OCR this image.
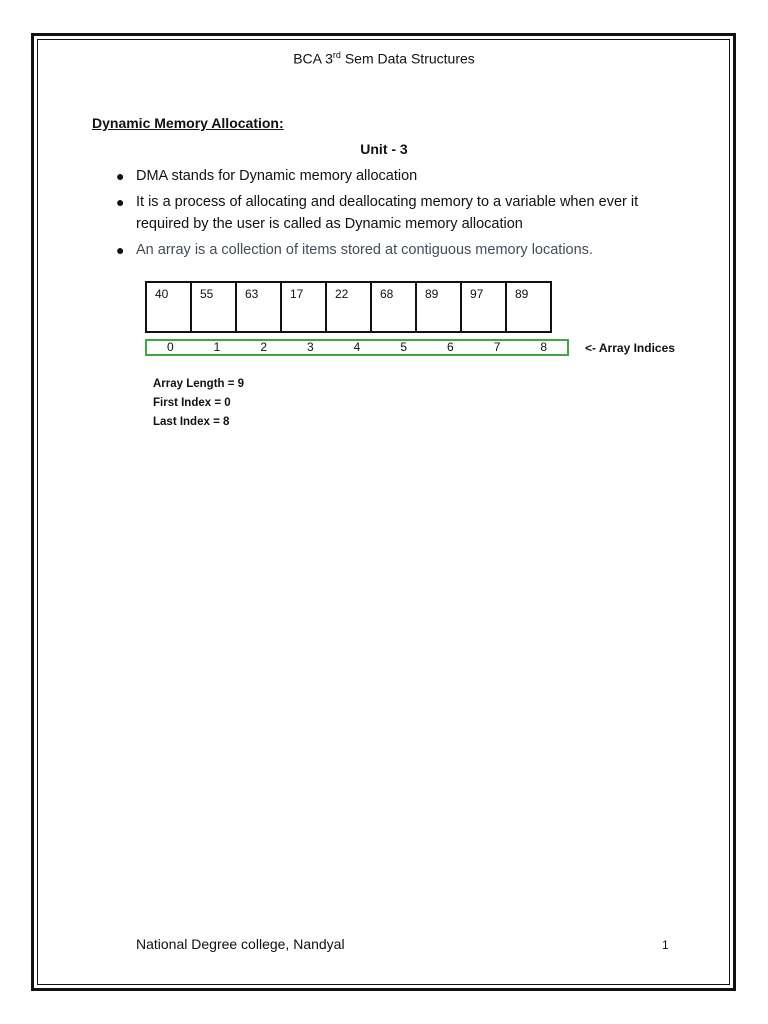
BCA 3rd Sem Data Structures
Dynamic Memory Allocation:
Unit - 3
● DMA stands for Dynamic memory allocation
● It is a process of allocating and deallocating memory to a variable when ever it required by the user is called as Dynamic memory allocation
● An array is a collection of items stored at contiguous memory locations.
40	55	63	17	22	68	89	97	89
0	1	2	3	4	5	6	7	8	<- Array Indices
Array Length = 9
First Index = 0
Last Index = 8
National Degree college, Nandyal	1
